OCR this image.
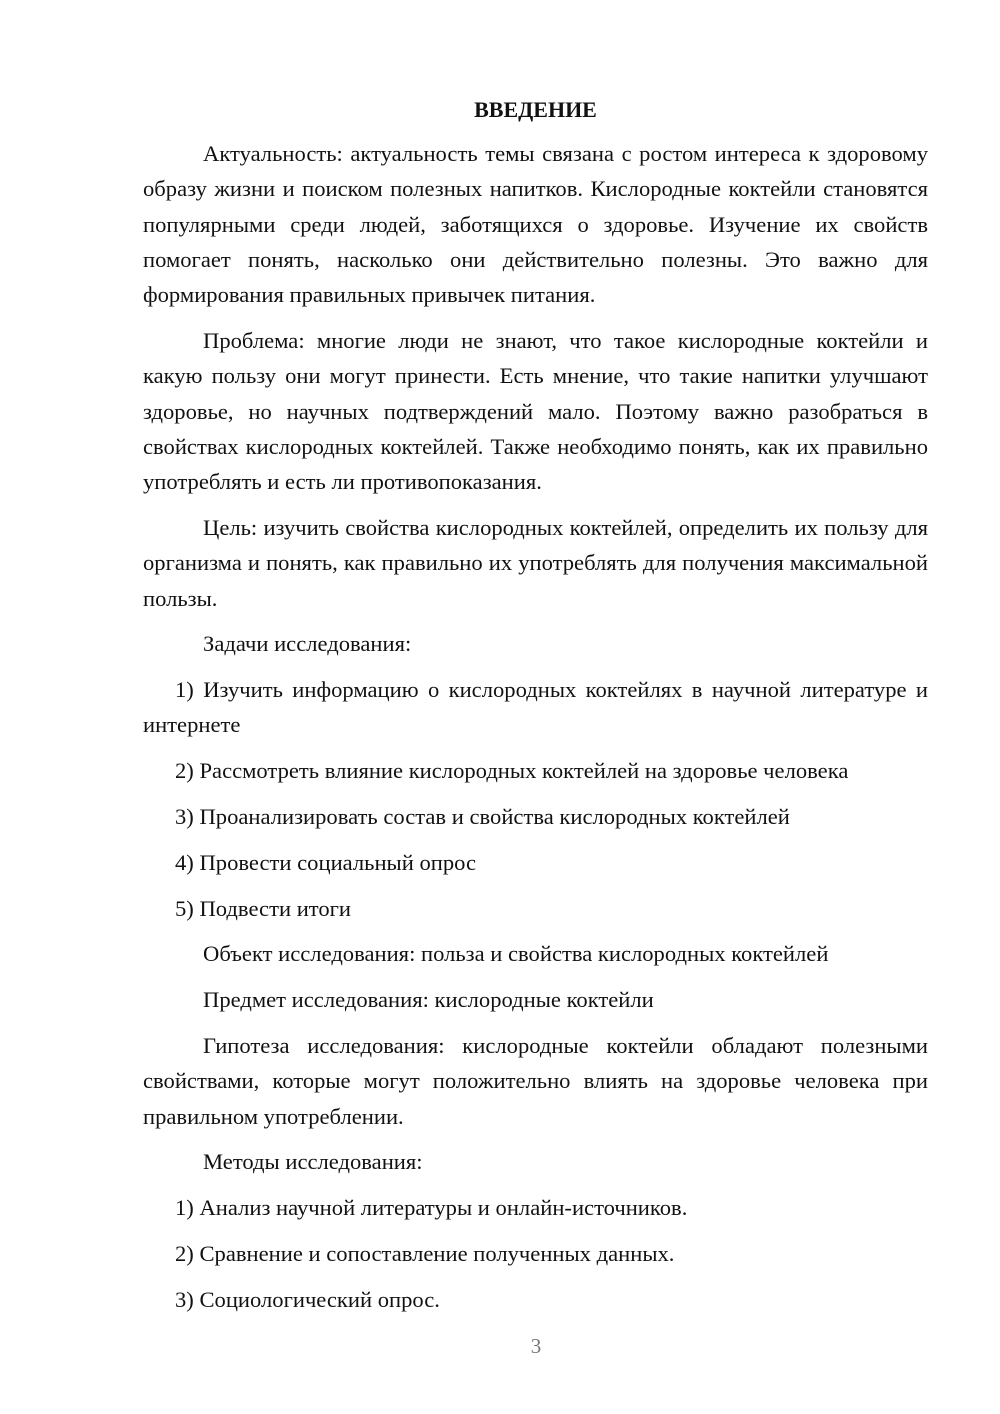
ВВЕДЕНИЕ
Актуальность: актуальность темы связана с ростом интереса к здоровому образу жизни и поиском полезных напитков. Кислородные коктейли становятся популярными среди людей, заботящихся о здоровье. Изучение их свойств помогает понять, насколько они действительно полезны. Это важно для формирования правильных привычек питания.
Проблема: многие люди не знают, что такое кислородные коктейли и какую пользу они могут принести. Есть мнение, что такие напитки улучшают здоровье, но научных подтверждений мало. Поэтому важно разобраться в свойствах кислородных коктейлей. Также необходимо понять, как их правильно употреблять и есть ли противопоказания.
Цель: изучить свойства кислородных коктейлей, определить их пользу для организма и понять, как правильно их употреблять для получения максимальной пользы.
Задачи исследования:
1) Изучить информацию о кислородных коктейлях в научной литературе и интернете
2) Рассмотреть влияние кислородных коктейлей на здоровье человека
3) Проанализировать состав и свойства кислородных коктейлей
4) Провести социальный опрос
5) Подвести итоги
Объект исследования: польза и свойства кислородных коктейлей
Предмет исследования: кислородные коктейли
Гипотеза исследования: кислородные коктейли обладают полезными свойствами, которые могут положительно влиять на здоровье человека при правильном употреблении.
Методы исследования:
1) Анализ научной литературы и онлайн-источников.
2) Сравнение и сопоставление полученных данных.
3) Социологический опрос.
3
